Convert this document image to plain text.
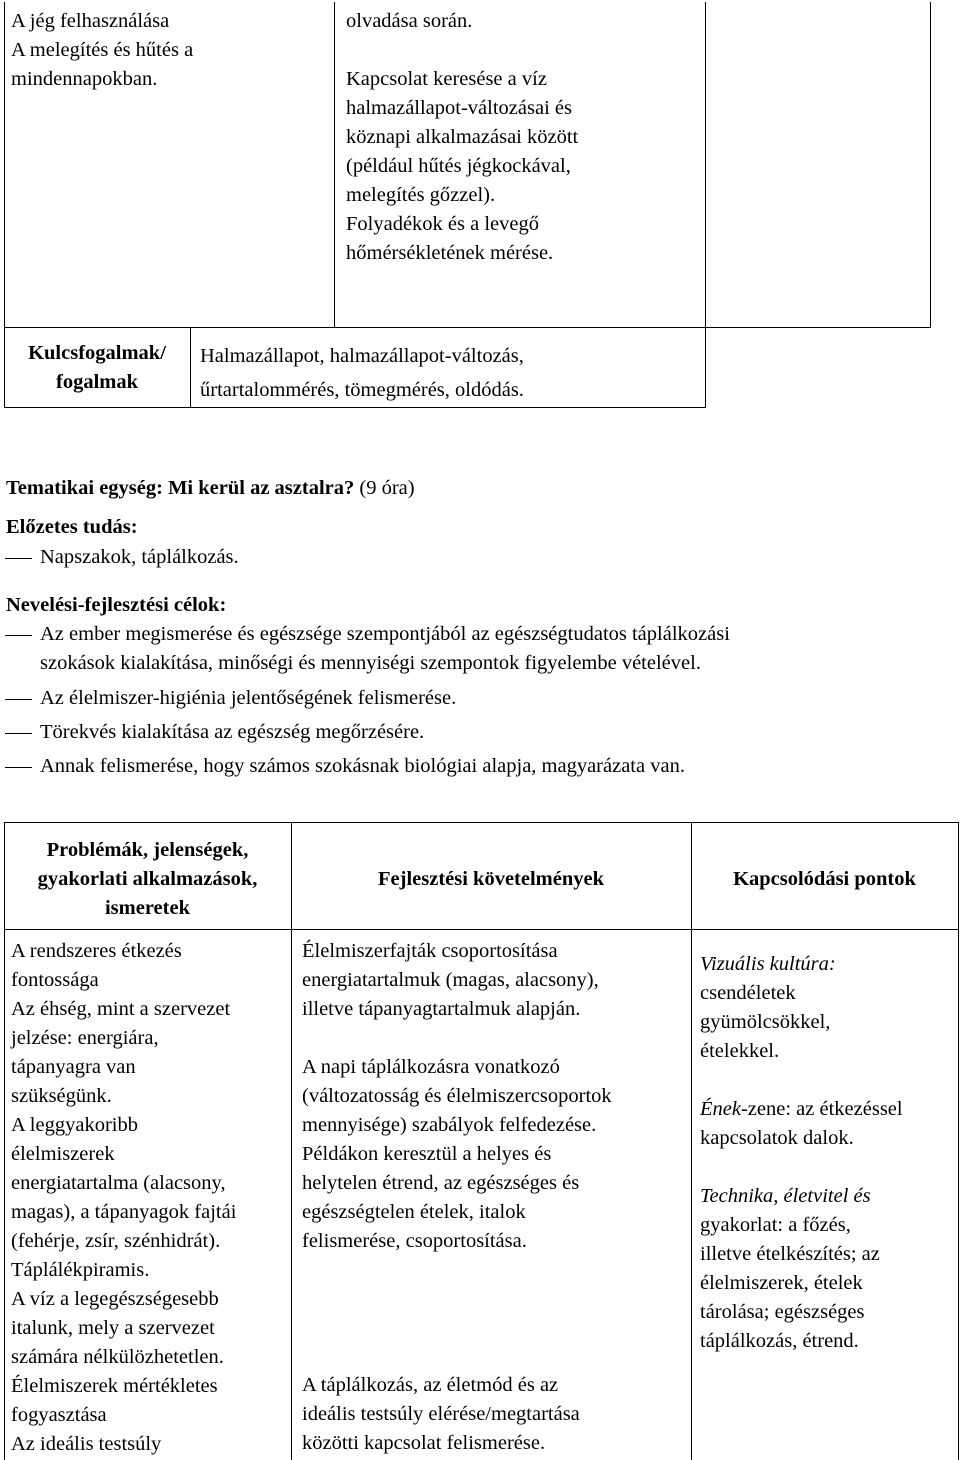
A jég felhasználása
A melegítés és hűtés a
mindennapokban.
olvadása során.
Kapcsolat keresése a víz
halmazállapot-változásai és
köznapi alkalmazásai között
(például hűtés jégkockával,
melegítés gőzzel).
Folyadékok és a levegő
hőmérsékletének mérése.
Kulcsfogalmak/
fogalmak
Halmazállapot, halmazállapot-változás,
űrtartalommérés, tömegmérés, oldódás.
Tematikai egység: Mi kerül az asztalra? (9 óra)
Előzetes tudás:
Napszakok, táplálkozás.
Nevelési-fejlesztési célok:
Az ember megismerése és egészsége szempontjából az egészségtudatos táplálkozási
szokások kialakítása, minőségi és mennyiségi szempontok figyelembe vételével.
Az élelmiszer-higiénia jelentőségének felismerése.
Törekvés kialakítása az egészség megőrzésére.
Annak felismerése, hogy számos szokásnak biológiai alapja, magyarázata van.
Problémák, jelenségek,
gyakorlati alkalmazások,
ismeretek
Fejlesztési követelmények	Kapcsolódási pontok
A rendszeres étkezés
fontossága
Az éhség, mint a szervezet
jelzése: energiára,
tápanyagra van
szükségünk.
A leggyakoribb
élelmiszerek
energiatartalma (alacsony,
magas), a tápanyagok fajtái
(fehérje, zsír, szénhidrát).
Táplálékpiramis.
A víz a legegészségesebb
italunk, mely a szervezet
számára nélkülözhetetlen.
Élelmiszerek mértékletes
fogyasztása
Az ideális testsúly
Élelmiszerfajták csoportosítása
energiatartalmuk (magas, alacsony),
illetve tápanyagtartalmuk alapján.
A napi táplálkozásra vonatkozó
(változatosság és élelmiszercsoportok
mennyisége) szabályok felfedezése.
Példákon keresztül a helyes és
helytelen étrend, az egészséges és
egészségtelen ételek, italok
felismerése, csoportosítása.
A táplálkozás, az életmód és az
ideális testsúly elérése/megtartása
közötti kapcsolat felismerése.
Vizuális kultúra:
csendéletek
gyümölcsökkel,
ételekkel.
Ének-zene: az étkezéssel
kapcsolatok dalok.
Technika, életvitel és
gyakorlat: a főzés,
illetve ételkészítés; az
élelmiszerek, ételek
tárolása; egészséges
táplálkozás, étrend.
